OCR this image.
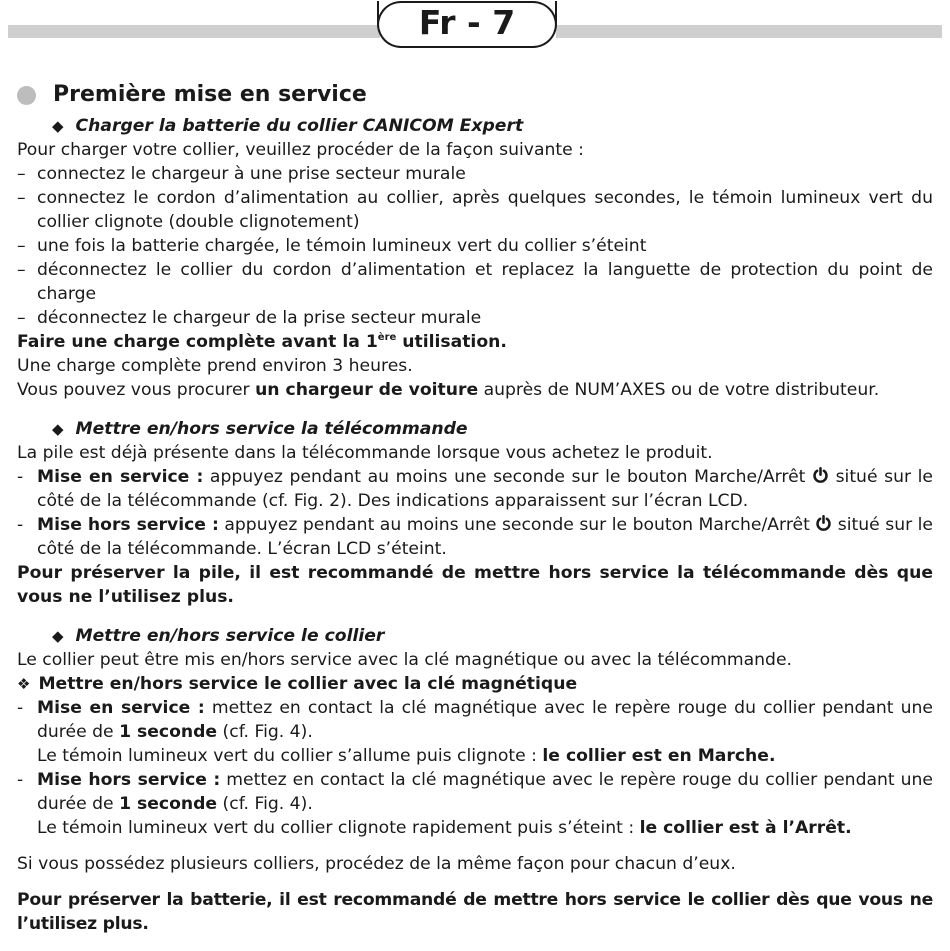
Fr - 7
Première mise en service
◆ Charger la batterie du collier CANICOM Expert

Pour charger votre collier, veuillez procéder de la façon suivante :

– connectez le chargeur à une prise secteur murale
– connectez le cordon d’alimentation au collier, après quelques secondes, le témoin lumineux vert du collier clignote (double clignotement)
– une fois la batterie chargée, le témoin lumineux vert du collier s’éteint
– déconnectez le collier du cordon d’alimentation et replacez la languette de protection du point de charge
– déconnectez le chargeur de la prise secteur murale

Faire une charge complète avant la 1ère utilisation.

Une charge complète prend environ 3 heures.

Vous pouvez vous procurer un chargeur de voiture auprès de NUM’AXES ou de votre distributeur.

◆ Mettre en/hors service la télécommande

La pile est déjà présente dans la télécommande lorsque vous achetez le produit.

- Mise en service : appuyez pendant au moins une seconde sur le bouton Marche/Arrêt  situé sur le côté de la télécommande (cf. Fig. 2). Des indications apparaissent sur l’écran LCD.
- Mise hors service : appuyez pendant au moins une seconde sur le bouton Marche/Arrêt  situé sur le côté de la télécommande. L’écran LCD s’éteint.

Pour préserver la pile, il est recommandé de mettre hors service la télécommande dès que vous ne l’utilisez plus.

◆ Mettre en/hors service le collier

Le collier peut être mis en/hors service avec la clé magnétique ou avec la télécommande.

❖ Mettre en/hors service le collier avec la clé magnétique

- Mise en service : mettez en contact la clé magnétique avec le repère rouge du collier pendant une durée de 1 seconde (cf. Fig. 4).
Le témoin lumineux vert du collier s’allume puis clignote : le collier est en Marche.
- Mise hors service : mettez en contact la clé magnétique avec le repère rouge du collier pendant une durée de 1 seconde (cf. Fig. 4).
Le témoin lumineux vert du collier clignote rapidement puis s’éteint : le collier est à l’Arrêt.

Si vous possédez plusieurs colliers, procédez de la même façon pour chacun d’eux.

Pour préserver la batterie, il est recommandé de mettre hors service le collier dès que vous ne l’utilisez plus.
